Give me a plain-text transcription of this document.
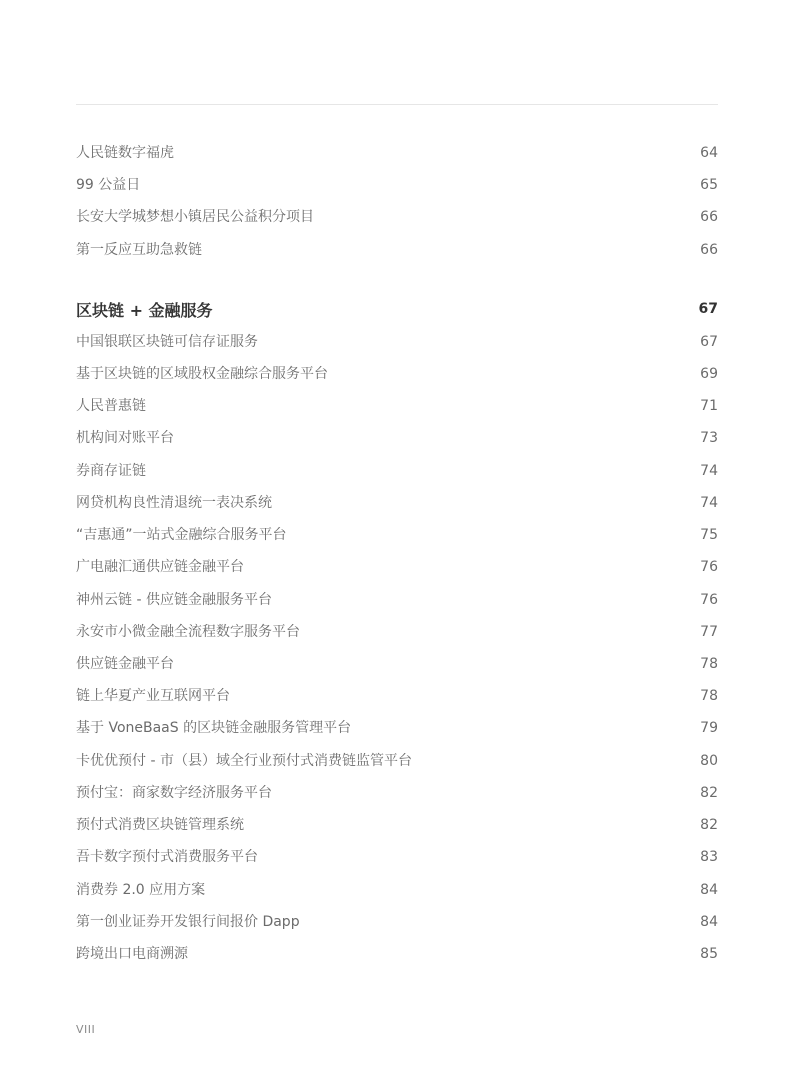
人民链数字福虎	64
99 公益日	65
长安大学城梦想小镇居民公益积分项目	66
第一反应互助急救链	66
区块链 + 金融服务	67
中国银联区块链可信存证服务	67
基于区块链的区域股权金融综合服务平台	69
人民普惠链	71
机构间对账平台	73
券商存证链	74
网贷机构良性清退统一表决系统	74
“吉惠通”一站式金融综合服务平台	75
广电融汇通供应链金融平台	76
神州云链 - 供应链金融服务平台	76
永安市小微金融全流程数字服务平台	77
供应链金融平台	78
链上华夏产业互联网平台	78
基于 VoneBaaS 的区块链金融服务管理平台	79
卡优优预付 - 市（县）域全行业预付式消费链监管平台	80
预付宝：商家数字经济服务平台	82
预付式消费区块链管理系统	82
吾卡数字预付式消费服务平台	83
消费券 2.0 应用方案	84
第一创业证券开发银行间报价 Dapp	84
跨境出口电商溯源	85
VIII
